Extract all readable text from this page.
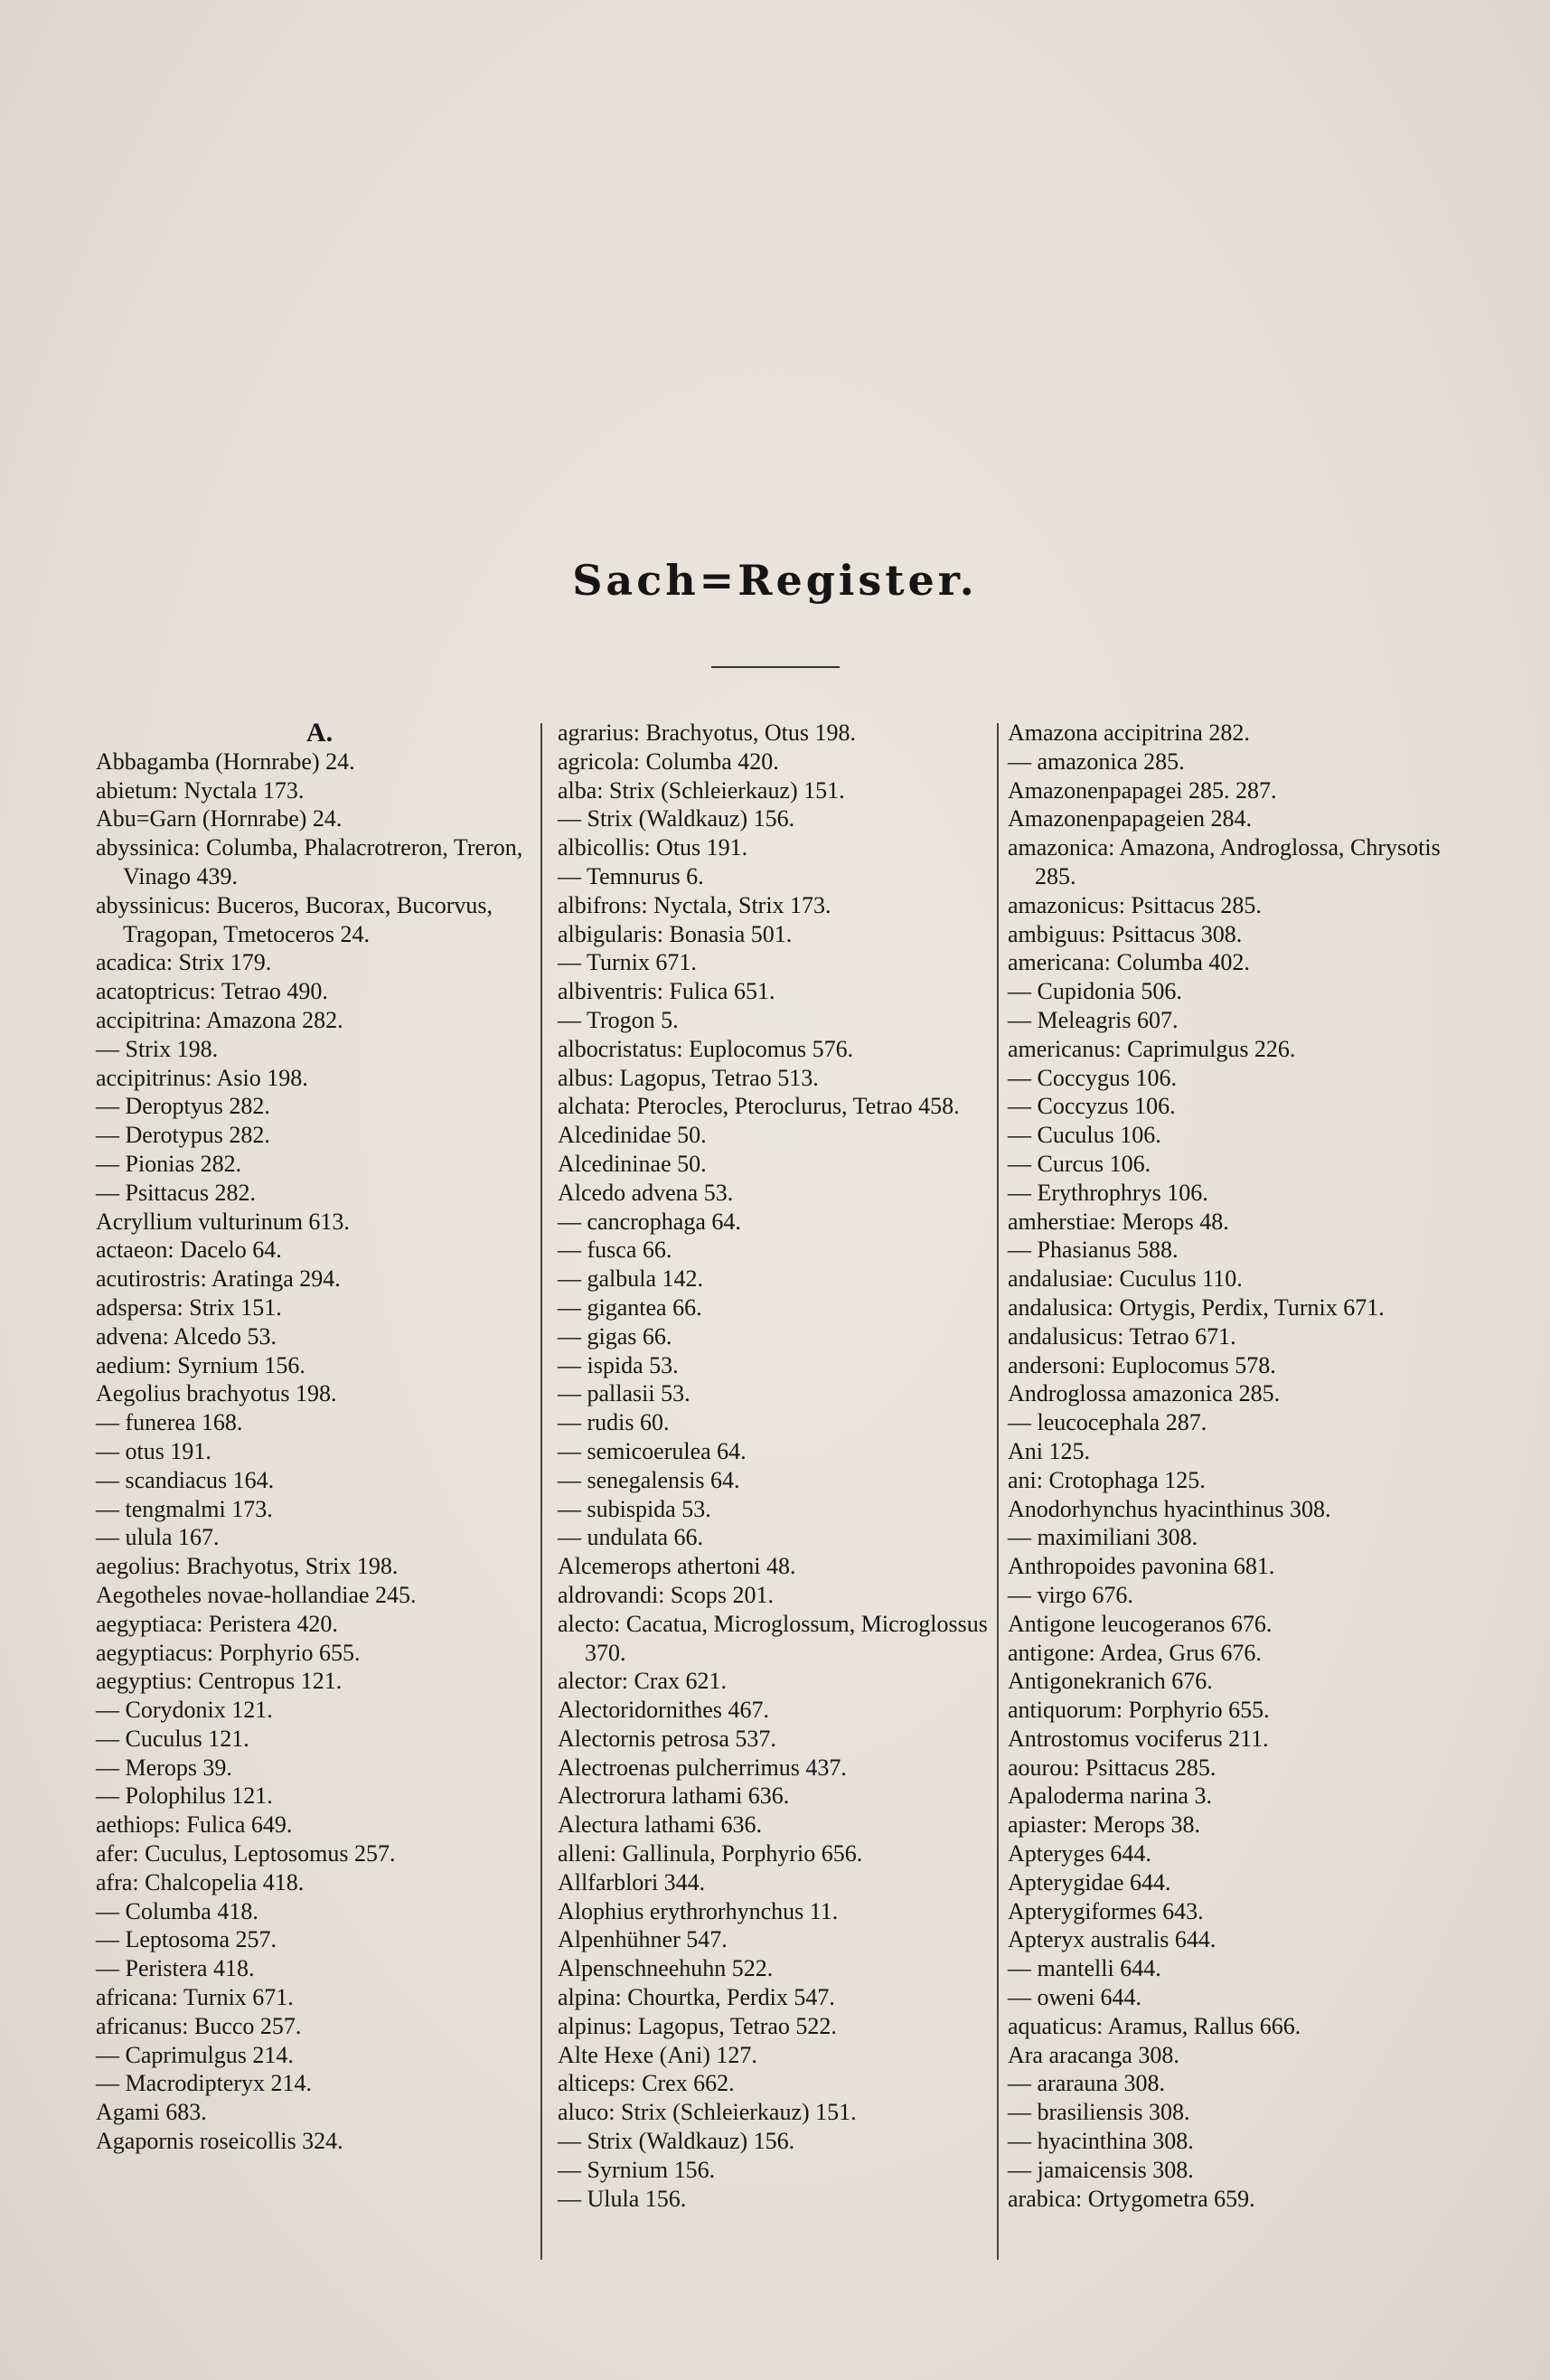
Sach=Register.

A.

Abbagamba (Hornrabe) 24.

abietum: Nyctala 173.

Abu=Garn (Hornrabe) 24.

abyssinica: Columba, Phalacrotreron, Treron, Vinago 439.

abyssinicus: Buceros, Bucorax, Bucorvus, Tragopan, Tmetoceros 24.

acadica: Strix 179.

acatoptricus: Tetrao 490.

accipitrina: Amazona 282.

— Strix 198.

accipitrinus: Asio 198.

— Deroptyus 282.

— Derotypus 282.

— Pionias 282.

— Psittacus 282.

Acryllium vulturinum 613.

actaeon: Dacelo 64.

acutirostris: Aratinga 294.

adspersa: Strix 151.

advena: Alcedo 53.

aedium: Syrnium 156.

Aegolius brachyotus 198.

— funerea 168.

— otus 191.

— scandiacus 164.

— tengmalmi 173.

— ulula 167.

aegolius: Brachyotus, Strix 198.

Aegotheles novae-hollandiae 245.

aegyptiaca: Peristera 420.

aegyptiacus: Porphyrio 655.

aegyptius: Centropus 121.

— Corydonix 121.

— Cuculus 121.

— Merops 39.

— Polophilus 121.

aethiops: Fulica 649.

afer: Cuculus, Leptosomus 257.

afra: Chalcopelia 418.

— Columba 418.

— Leptosoma 257.

— Peristera 418.

africana: Turnix 671.

africanus: Bucco 257.

— Caprimulgus 214.

— Macrodipteryx 214.

Agami 683.

Agapornis roseicollis 324.

agrarius: Brachyotus, Otus 198.

agricola: Columba 420.

alba: Strix (Schleierkauz) 151.

— Strix (Waldkauz) 156.

albicollis: Otus 191.

— Temnurus 6.

albifrons: Nyctala, Strix 173.

albigularis: Bonasia 501.

— Turnix 671.

albiventris: Fulica 651.

— Trogon 5.

albocristatus: Euplocomus 576.

albus: Lagopus, Tetrao 513.

alchata: Pterocles, Pteroclurus, Tetrao 458.

Alcedinidae 50.

Alcedininae 50.

Alcedo advena 53.

— cancrophaga 64.

— fusca 66.

— galbula 142.

— gigantea 66.

— gigas 66.

— ispida 53.

— pallasii 53.

— rudis 60.

— semicoerulea 64.

— senegalensis 64.

— subispida 53.

— undulata 66.

Alcemerops athertoni 48.

aldrovandi: Scops 201.

alecto: Cacatua, Microglossum, Microglossus 370.

alector: Crax 621.

Alectoridornithes 467.

Alectornis petrosa 537.

Alectroenas pulcherrimus 437.

Alectrorura lathami 636.

Alectura lathami 636.

alleni: Gallinula, Porphyrio 656.

Allfarblori 344.

Alophius erythrorhynchus 11.

Alpenhühner 547.

Alpenschneehuhn 522.

alpina: Chourtka, Perdix 547.

alpinus: Lagopus, Tetrao 522.

Alte Hexe (Ani) 127.

alticeps: Crex 662.

aluco: Strix (Schleierkauz) 151.

— Strix (Waldkauz) 156.

— Syrnium 156.

— Ulula 156.

Amazona accipitrina 282.

— amazonica 285.

Amazonenpapagei 285. 287.

Amazonenpapageien 284.

amazonica: Amazona, Androglossa, Chrysotis 285.

amazonicus: Psittacus 285.

ambiguus: Psittacus 308.

americana: Columba 402.

— Cupidonia 506.

— Meleagris 607.

americanus: Caprimulgus 226.

— Coccygus 106.

— Coccyzus 106.

— Cuculus 106.

— Curcus 106.

— Erythrophrys 106.

amherstiae: Merops 48.

— Phasianus 588.

andalusiae: Cuculus 110.

andalusica: Ortygis, Perdix, Turnix 671.

andalusicus: Tetrao 671.

andersoni: Euplocomus 578.

Androglossa amazonica 285.

— leucocephala 287.

Ani 125.

ani: Crotophaga 125.

Anodorhynchus hyacinthinus 308.

— maximiliani 308.

Anthropoides pavonina 681.

— virgo 676.

Antigone leucogeranos 676.

antigone: Ardea, Grus 676.

Antigonekranich 676.

antiquorum: Porphyrio 655.

Antrostomus vociferus 211.

aourou: Psittacus 285.

Apaloderma narina 3.

apiaster: Merops 38.

Apteryges 644.

Apterygidae 644.

Apterygiformes 643.

Apteryx australis 644.

— mantelli 644.

— oweni 644.

aquaticus: Aramus, Rallus 666.

Ara aracanga 308.

— ararauna 308.

— brasiliensis 308.

— hyacinthina 308.

— jamaicensis 308.

arabica: Ortygometra 659.
